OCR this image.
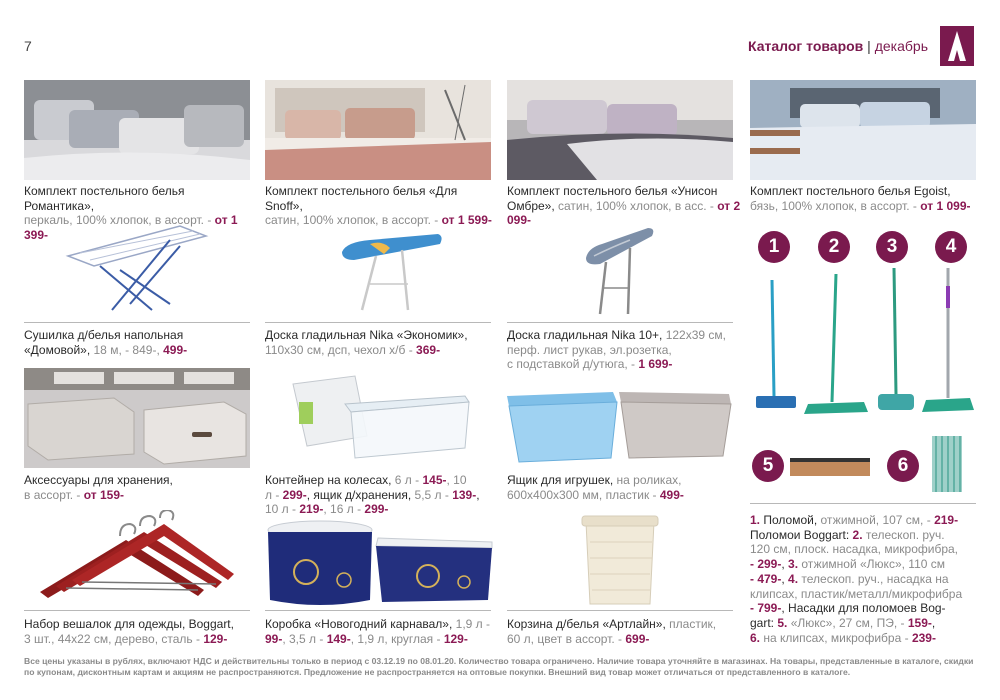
7	Каталог товаров | декабрь
Комплект постельного белья Романтика»,
перкаль, 100% хлопок, в ассорт. - от 1 399-
Комплект постельного белья «Для Snoff»,
сатин, 100% хлопок, в ассорт. - от 1 599-
Комплект постельного белья «Унисон
Омбре», сатин, 100% хлопок, в асс. - от 2 099-
Комплект постельного белья Egoist,
бязь, 100% хлопок, в ассорт. - от 1 099-
Сушилка д/белья напольная
«Домовой», 18 м, - 849-, 499-
Доска гладильная Nika «Экономик»,
110х30 см, дсп, чехол х/б - 369-
Доска гладильная Nika 10+, 122х39 см,
перф. лист рукав, эл.розетка,
с подставкой д/утюга, - 1 699-
Аксессуары для хранения,
в ассорт. - от 159-
Контейнер на колесах, 6 л - 145-, 10
л - 299-, ящик д/хранения, 5,5 л - 139-,
10 л - 219-, 16 л - 299-
Ящик для игрушек, на роликах,
600х400х300 мм, пластик - 499-
Набор вешалок для одежды, Boggart,
3 шт., 44х22 см, дерево, сталь - 129-
Коробка «Новогодний карнавал», 1,9 л -
99-, 3,5 л - 149-, 1,9 л, круглая - 129-
Корзина д/белья «Артлайн», пластик,
60 л, цвет в ассорт. - 699-
1	2	3	4
5	6
1. Поломой, отжимной, 107 см, - 219-
Поломои Boggart: 2. телескоп. руч.
120 см, плоск. насадка, микрофибра,
- 299-, 3. отжимной «Люкс», 110 см
- 479-, 4. телескоп. руч., насадка на
клипсах, пластик/металл/микрофибра
- 799-, Насадки для поломоев Bog-
gart: 5. «Люкс», 27 см, ПЭ, - 159-,
6. на клипсах, микрофибра - 239-
Все цены указаны в рублях, включают НДС и действительны только в период с 03.12.19 по 08.01.20. Количество товара ограничено. Наличие товара уточняйте в магазинах. На товары, представленные в каталоге, скидки
по купонам, дисконтным картам и акциям не распространяются. Предложение не распространяется на оптовые покупки. Внешний вид товар может отличаться от представленного в каталоге.
